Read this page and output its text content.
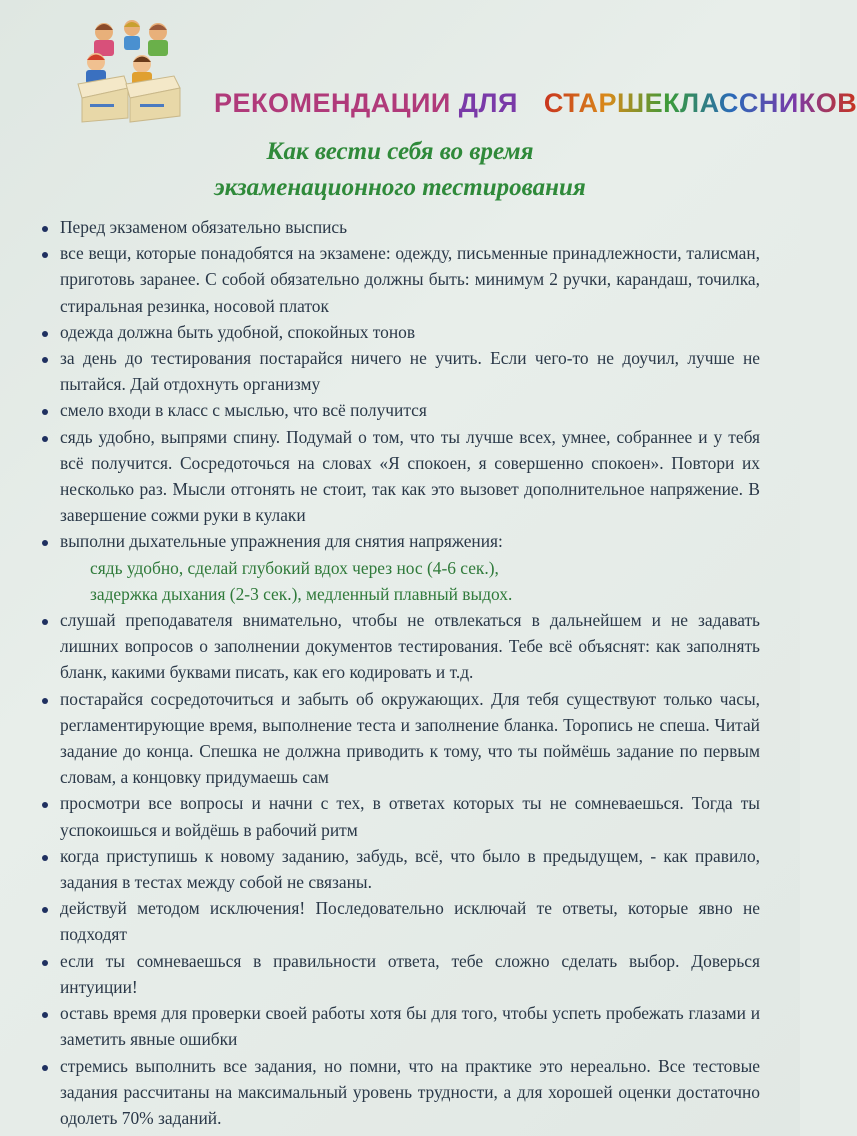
РЕКОМЕНДАЦИИ ДЛЯ СТАРШЕКЛАССНИКОВ
Как вести себя во время
экзаменационного тестирования
Перед экзаменом обязательно выспись
все вещи, которые понадобятся на экзамене: одежду, письменные принадлежности, талисман, приготовь заранее. С собой обязательно должны быть: минимум 2 ручки, карандаш, точилка, стиральная резинка, носовой платок
одежда должна быть удобной, спокойных тонов
за день до тестирования постарайся ничего не учить. Если чего-то не доучил, лучше не пытайся. Дай отдохнуть организму
смело входи в класс с мыслью, что всё получится
сядь удобно, выпрями спину. Подумай о том, что ты лучше всех, умнее, собраннее и у тебя всё получится. Сосредоточься на словах «Я спокоен, я совершенно спокоен». Повтори их несколько раз. Мысли отгонять не стоит, так как это вызовет дополнительное напряжение. В завершение сожми руки в кулаки
выполни дыхательные упражнения для снятия напряжения:
сядь удобно, сделай глубокий вдох через нос (4-6 сек.),
задержка дыхания (2-3 сек.), медленный плавный выдох.
слушай преподавателя внимательно, чтобы не отвлекаться в дальнейшем и не задавать лишних вопросов о заполнении документов тестирования. Тебе всё объяснят: как заполнять бланк, какими буквами писать, как его кодировать и т.д.
постарайся сосредоточиться и забыть об окружающих. Для тебя существуют только часы, регламентирующие время, выполнение теста и заполнение бланка. Торопись не спеша. Читай задание до конца. Спешка не должна приводить к тому, что ты поймёшь задание по первым словам, а концовку придумаешь сам
просмотри все вопросы и начни с тех, в ответах которых ты не сомневаешься. Тогда ты успокоишься и войдёшь в рабочий ритм
когда приступишь к новому заданию, забудь, всё, что было в предыдущем, - как правило, задания в тестах между собой не связаны.
действуй методом исключения! Последовательно исключай те ответы, которые явно не подходят
если ты сомневаешься в правильности ответа, тебе сложно сделать выбор. Доверься интуиции!
оставь время для проверки своей работы хотя бы для того, чтобы успеть пробежать глазами и заметить явные ошибки
стремись выполнить все задания, но помни, что на практике это нереально. Все тестовые задания рассчитаны на максимальный уровень трудности, а для хорошей оценки достаточно одолеть 70% заданий.
